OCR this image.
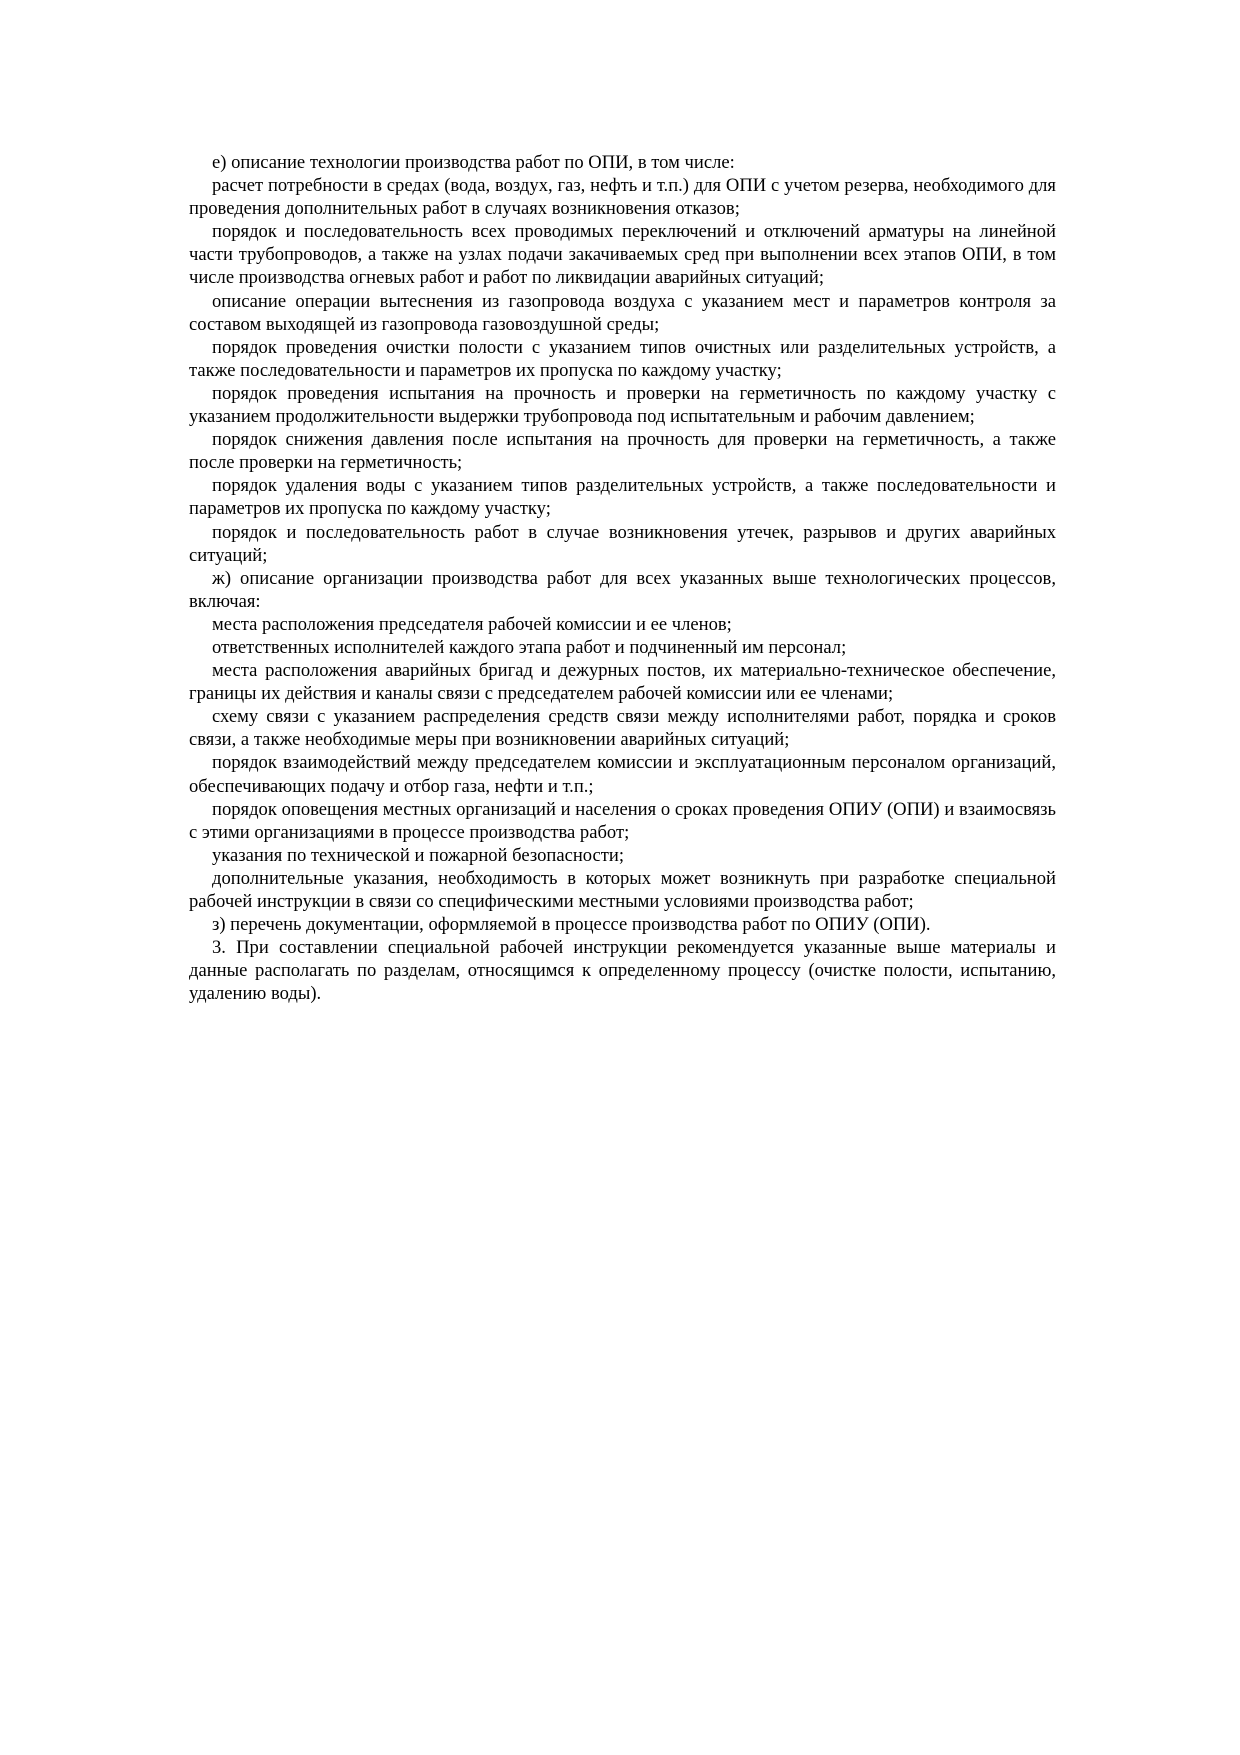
е) описание технологии производства работ по ОПИ, в том числе:

расчет потребности в средах (вода, воздух, газ, нефть и т.п.) для ОПИ с учетом резерва, необходимого для проведения дополнительных работ в случаях возникновения отказов;

порядок и последовательность всех проводимых переключений и отключений арматуры на линейной части трубопроводов, а также на узлах подачи закачиваемых сред при выполнении всех этапов ОПИ, в том числе производства огневых работ и работ по ликвидации аварийных ситуаций;

описание операции вытеснения из газопровода воздуха с указанием мест и параметров контроля за составом выходящей из газопровода газовоздушной среды;

порядок проведения очистки полости с указанием типов очистных или разделительных устройств, а также последовательности и параметров их пропуска по каждому участку;

порядок проведения испытания на прочность и проверки на герметичность по каждому участку с указанием продолжительности выдержки трубопровода под испытательным и рабочим давлением;

порядок снижения давления после испытания на прочность для проверки на герметичность, а также после проверки на герметичность;

порядок удаления воды с указанием типов разделительных устройств, а также последовательности и параметров их пропуска по каждому участку;

порядок и последовательность работ в случае возникновения утечек, разрывов и других аварийных ситуаций;

ж) описание организации производства работ для всех указанных выше технологических процессов, включая:

места расположения председателя рабочей комиссии и ее членов;

ответственных исполнителей каждого этапа работ и подчиненный им персонал;

места расположения аварийных бригад и дежурных постов, их материально-техническое обеспечение, границы их действия и каналы связи с председателем рабочей комиссии или ее членами;

схему связи с указанием распределения средств связи между исполнителями работ, порядка и сроков связи, а также необходимые меры при возникновении аварийных ситуаций;

порядок взаимодействий между председателем комиссии и эксплуатационным персоналом организаций, обеспечивающих подачу и отбор газа, нефти и т.п.;

порядок оповещения местных организаций и населения о сроках проведения ОПИУ (ОПИ) и взаимосвязь с этими организациями в процессе производства работ;

указания по технической и пожарной безопасности;

дополнительные указания, необходимость в которых может возникнуть при разработке специальной рабочей инструкции в связи со специфическими местными условиями производства работ;

з) перечень документации, оформляемой в процессе производства работ по ОПИУ (ОПИ).

3. При составлении специальной рабочей инструкции рекомендуется указанные выше материалы и данные располагать по разделам, относящимся к определенному процессу (очистке полости, испытанию, удалению воды).
